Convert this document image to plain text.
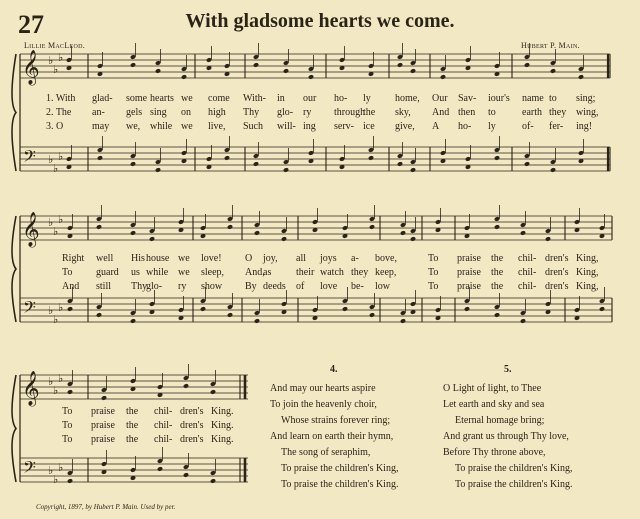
27	With gladsome hearts we come.
Lillie MacLeod.	Hubert P. Main.
𝄞
𝄢
♭
♭
♭
♭
♭
♭
𝄞
𝄢
♭
♭
♭
♭
♭
♭
𝄞
𝄢
♭
♭
♭
♭
♭
♭
1. With glad- some hearts we come With- in our ho- ly home, Our Sav- iour's name to sing;
2. The an- gels sing on high Thy glo- ry through
the sky, And then to	earth they wing,
3. O	may we, while we live, Such will- ing serv- ice give, A ho- ly	of- fer- ing!
Right well His house we love! O joy, all joys a- bove,	To praise the chil- dren's King,
To guard us while we sleep, And,
as their watch they keep,	To praise the chil- dren's King,
And still Thy
glo- ry show By deeds of love be- low	To praise the chil- dren's King,
To praise the chil- dren's King.
To praise the chil- dren's King.
To praise the chil- dren's King.
4.	5.
And may our hearts aspire
To join the heavenly choir,
Whose strains forever ring;
And learn on earth their hymn,
The song of seraphim,
To praise the children's King,
To praise the children's King.
O Light of light, to Thee
Let earth and sky and sea
Eternal homage bring;
And grant us through Thy love,
Before Thy throne above,
To praise the children's King,
To praise the children's King.
Copyright, 1897, by Hubert P. Main. Used by per.
